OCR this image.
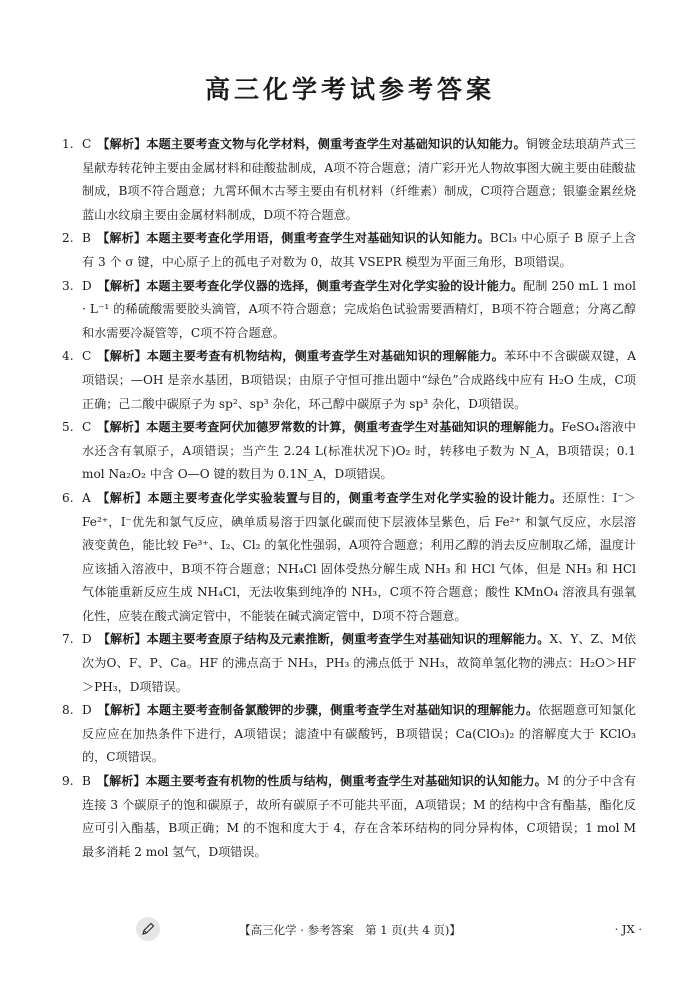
高三化学考试参考答案
1. C 【解析】本题主要考查文物与化学材料，侧重考查学生对基础知识的认知能力。铜镀金珐琅葫芦式三星献寿转花钟主要由金属材料和硅酸盐制成，A项不符合题意；清广彩开光人物故事图大碗主要由硅酸盐制成，B项不符合题意；九霄环佩木古琴主要由有机材料（纤维素）制成，C项符合题意；银鎏金累丝烧蓝山水纹扇主要由金属材料制成，D项不符合题意。
2. B 【解析】本题主要考查化学用语，侧重考查学生对基础知识的认知能力。BCl₃ 中心原子 B 原子上含有 3 个 σ 键，中心原子上的孤电子对数为 0，故其 VSEPR 模型为平面三角形，B项错误。
3. D 【解析】本题主要考查化学仪器的选择，侧重考查学生对化学实验的设计能力。配制 250 mL 1 mol · L⁻¹ 的稀硫酸需要胶头滴管，A项不符合题意；完成焰色试验需要酒精灯，B项不符合题意；分离乙醇和水需要冷凝管等，C项不符合题意。
4. C 【解析】本题主要考查有机物结构，侧重考查学生对基础知识的理解能力。苯环中不含碳碳双键，A项错误；—OH 是亲水基团，B项错误；由原子守恒可推出题中“绿色”合成路线中应有 H₂O 生成，C项正确；己二酸中碳原子为 sp²、sp³ 杂化，环己醇中碳原子为 sp³ 杂化，D项错误。
5. C 【解析】本题主要考查阿伏加德罗常数的计算，侧重考查学生对基础知识的理解能力。FeSO₄溶液中水还含有氧原子，A项错误；当产生 2.24 L(标准状况下)O₂ 时，转移电子数为 N_A，B项错误；0.1 mol Na₂O₂ 中含 O—O 键的数目为 0.1N_A，D项错误。
6. A 【解析】本题主要考查化学实验装置与目的，侧重考查学生对化学实验的设计能力。还原性：I⁻＞Fe²⁺，I⁻优先和氯气反应，碘单质易溶于四氯化碳而使下层液体呈紫色，后 Fe²⁺ 和氯气反应，水层溶液变黄色，能比较 Fe³⁺、I₂、Cl₂ 的氧化性强弱，A项符合题意；利用乙醇的消去反应制取乙烯，温度计应该插入溶液中，B项不符合题意；NH₄Cl 固体受热分解生成 NH₃ 和 HCl 气体，但是 NH₃ 和 HCl 气体能重新反应生成 NH₄Cl，无法收集到纯净的 NH₃，C项不符合题意；酸性 KMnO₄ 溶液具有强氧化性，应装在酸式滴定管中，不能装在碱式滴定管中，D项不符合题意。
7. D 【解析】本题主要考查原子结构及元素推断，侧重考查学生对基础知识的理解能力。X、Y、Z、M依次为O、F、P、Ca。HF 的沸点高于 NH₃，PH₃ 的沸点低于 NH₃，故简单氢化物的沸点：H₂O＞HF＞PH₃，D项错误。
8. D 【解析】本题主要考查制备氯酸钾的步骤，侧重考查学生对基础知识的理解能力。依据题意可知氯化反应应在加热条件下进行，A项错误；滤渣中有碳酸钙，B项错误；Ca(ClO₃)₂ 的溶解度大于 KClO₃ 的，C项错误。
9. B 【解析】本题主要考查有机物的性质与结构，侧重考查学生对基础知识的认知能力。M 的分子中含有连接 3 个碳原子的饱和碳原子，故所有碳原子不可能共平面，A项错误；M 的结构中含有酯基，酯化反应可引入酯基，B项正确；M 的不饱和度大于 4，存在含苯环结构的同分异构体，C项错误；1 mol M 最多消耗 2 mol 氢气，D项错误。
【高三化学 · 参考答案　第 1 页(共 4 页)】	· JX ·
